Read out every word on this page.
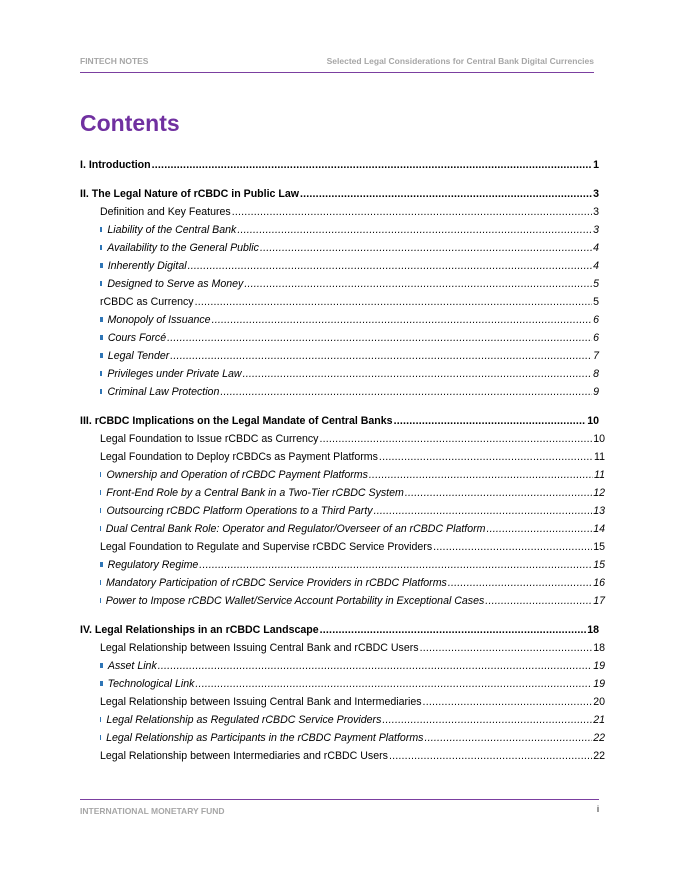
FINTECH NOTES	Selected Legal Considerations for Central Bank Digital Currencies
Contents
I. Introduction .....	1
II. The Legal Nature of rCBDC in Public Law .....	3
Definition and Key Features .....	3
Liability of the Central Bank .....	3
Availability to the General Public .....	4
Inherently Digital .....	4
Designed to Serve as Money .....	5
rCBDC as Currency .....	5
Monopoly of Issuance .....	6
Cours Forcé .....	6
Legal Tender .....	7
Privileges under Private Law .....	8
Criminal Law Protection .....	9
III. rCBDC Implications on the Legal Mandate of Central Banks .....	10
Legal Foundation to Issue rCBDC as Currency .....	10
Legal Foundation to Deploy rCBDCs as Payment Platforms .....	11
Ownership and Operation of rCBDC Payment Platforms .....	11
Front-End Role by a Central Bank in a Two-Tier rCBDC System .....	12
Outsourcing rCBDC Platform Operations to a Third Party .....	13
Dual Central Bank Role: Operator and Regulator/Overseer of an rCBDC Platform .....	14
Legal Foundation to Regulate and Supervise rCBDC Service Providers .....	15
Regulatory Regime .....	15
Mandatory Participation of rCBDC Service Providers in rCBDC Platforms .....	16
Power to Impose rCBDC Wallet/Service Account Portability in Exceptional Cases .....	17
IV. Legal Relationships in an rCBDC Landscape .....	18
Legal Relationship between Issuing Central Bank and rCBDC Users .....	18
Asset Link .....	19
Technological Link .....	19
Legal Relationship between Issuing Central Bank and Intermediaries .....	20
Legal Relationship as Regulated rCBDC Service Providers .....	21
Legal Relationship as Participants in the rCBDC Payment Platforms .....	22
Legal Relationship between Intermediaries and rCBDC Users .....	22
INTERNATIONAL MONETARY FUND	i
